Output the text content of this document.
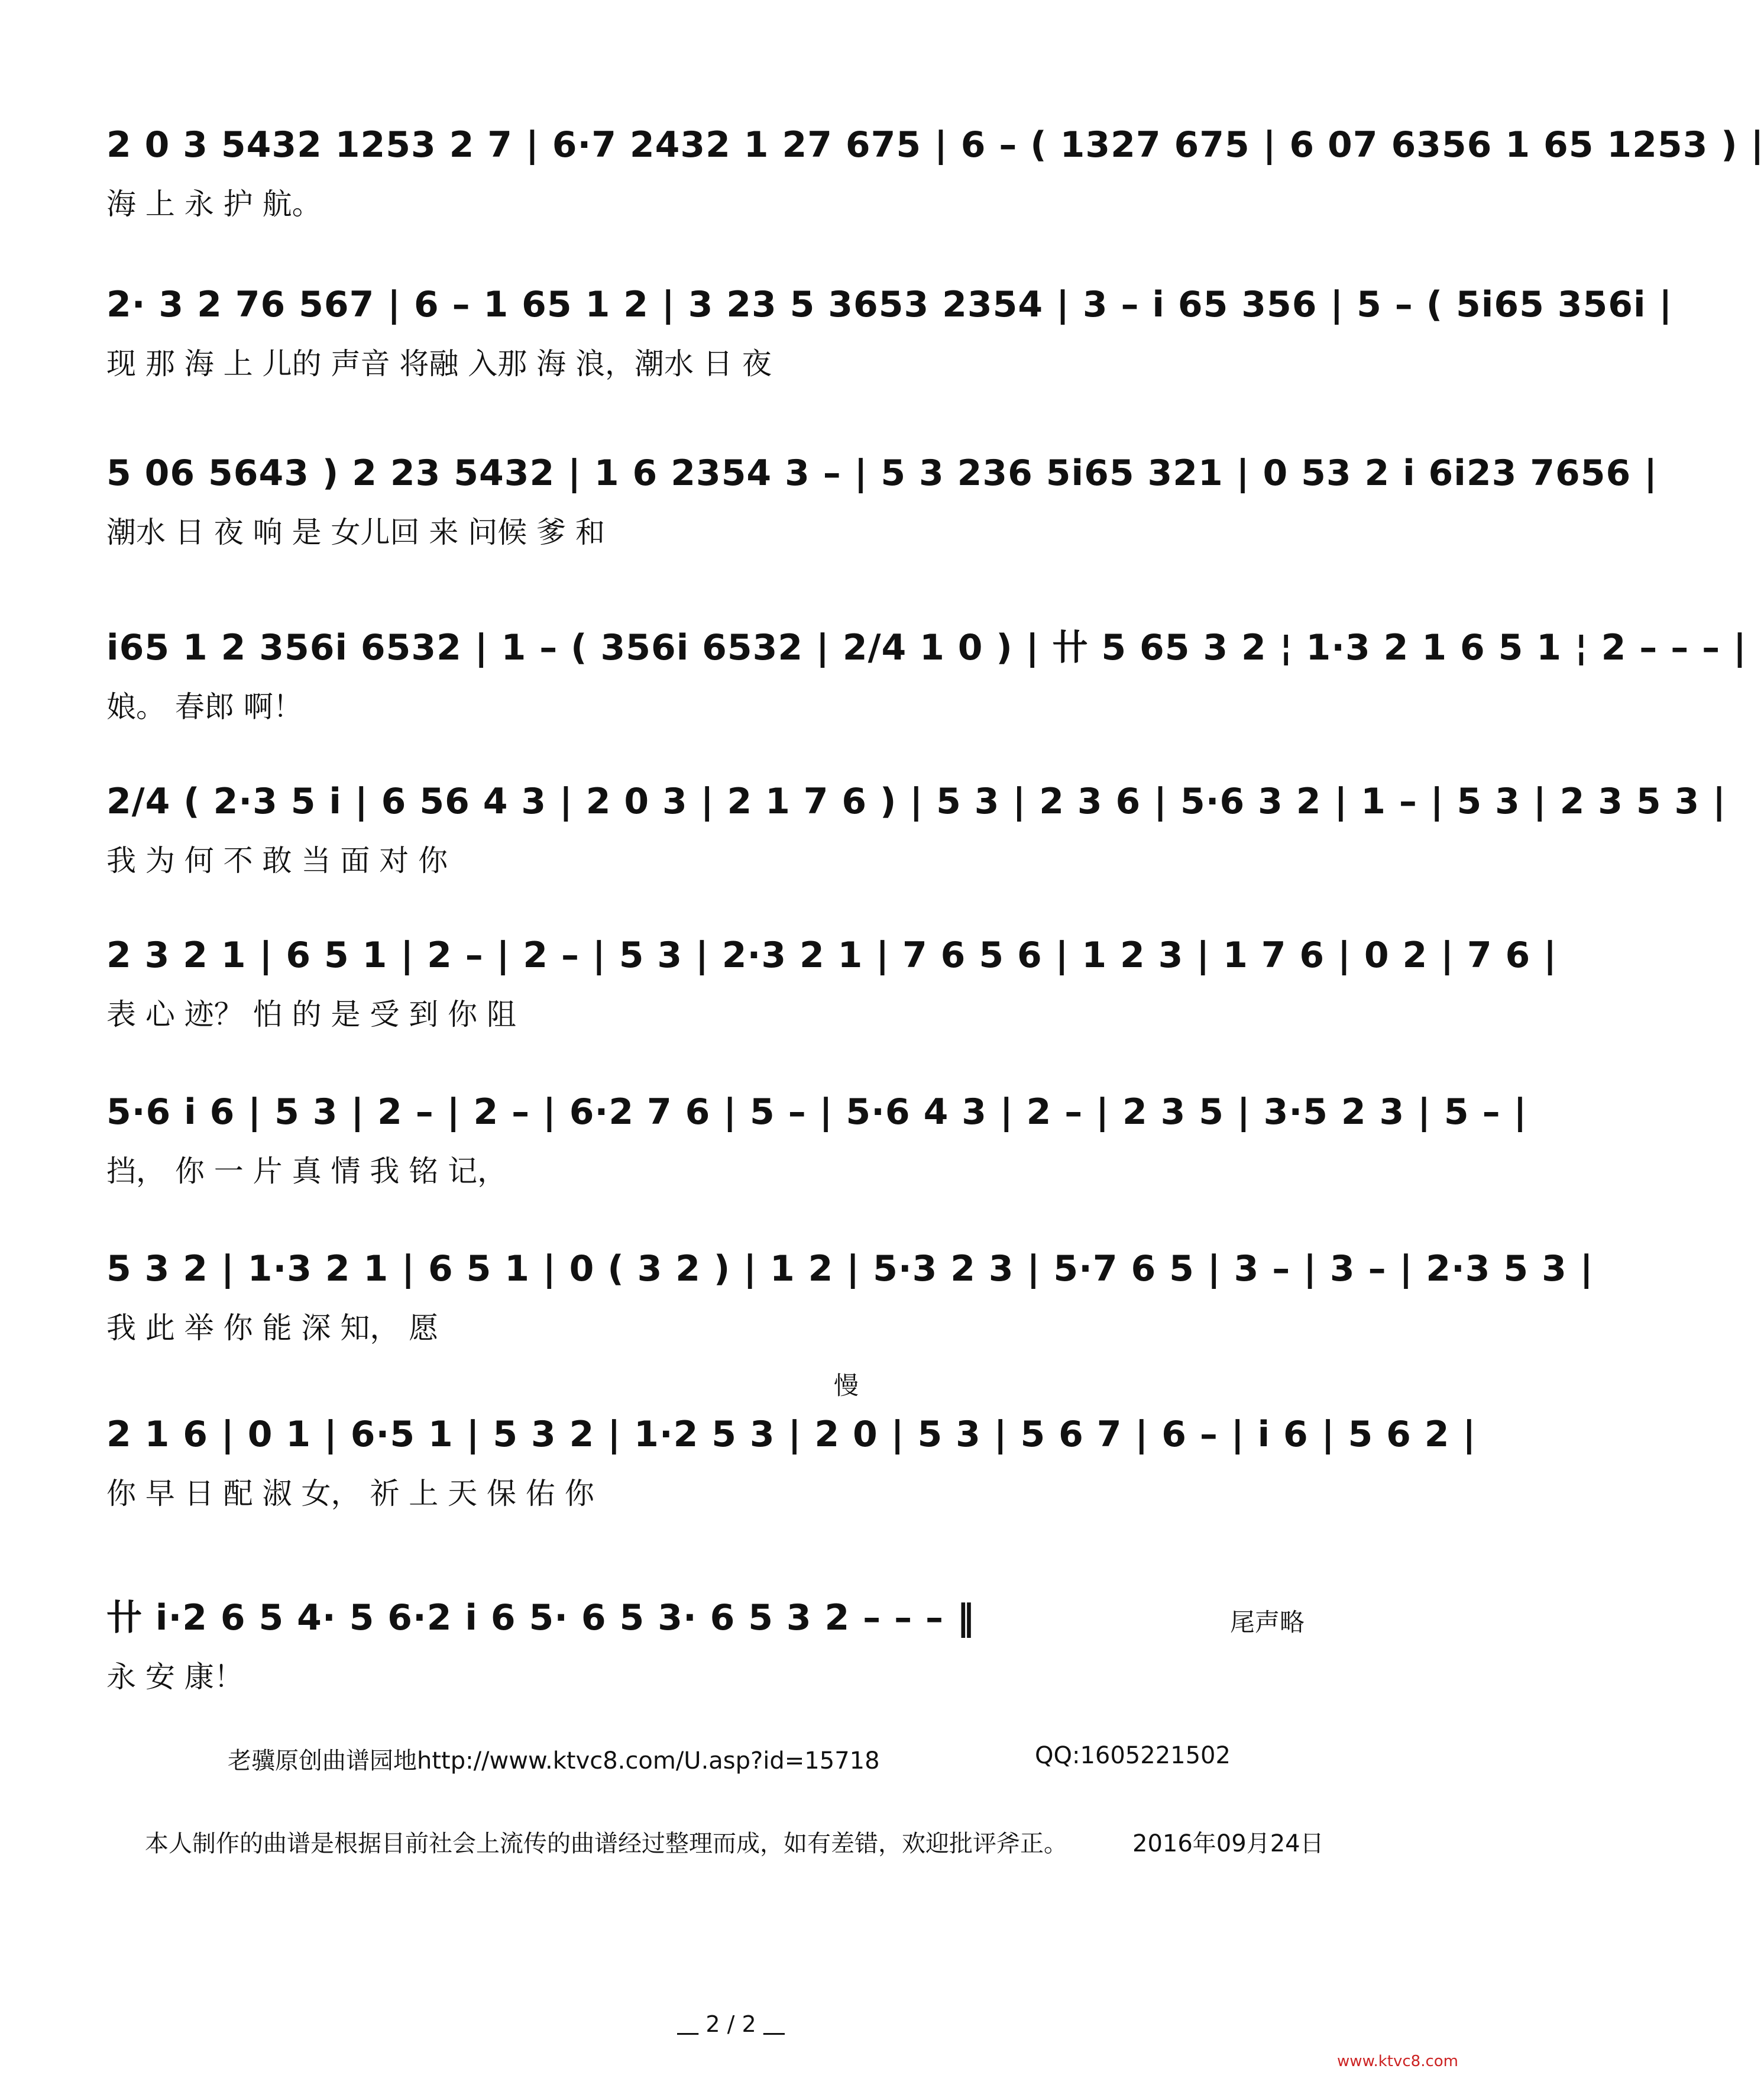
2 0 3 5432 1253 2 7 | 6·7 2432 1 27 675 | 6 – ( 1327 675 | 6 07 6356 1 65 1253 ) |
海 上 永 护 航。
2· 3 2 76 567 | 6 – 1 65 1 2 | 3 23 5 3653 2354 | 3 – i 65 356 | 5 – ( 5i65 356i |
现 那 海 上 儿的 声音 将融 入那 海 浪，潮水 日 夜
5 06 5643 ) 2 23 5432 | 1 6 2354 3 – | 5 3 236 5i65 321 | 0 53 2 i 6i23 7656 |
潮水 日 夜 响 是 女儿回 来 问候 爹 和
i65 1 2 356i 6532 | 1 – ( 356i 6532 | 2/4 1 0 ) | 卄 5 65 3 2 ¦ 1·3 2 1 6 5 1 ¦ 2 – – – |
娘。 春郎 啊！
2/4 ( 2·3 5 i | 6 56 4 3 | 2 0 3 | 2 1 7 6 ) | 5 3 | 2 3 6 | 5·6 3 2 | 1 – | 5 3 | 2 3 5 3 |
我 为 何 不 敢 当 面 对 你
2 3 2 1 | 6 5 1 | 2 – | 2 – | 5 3 | 2·3 2 1 | 7 6 5 6 | 1 2 3 | 1 7 6 | 0 2 | 7 6 |
表 心 迹？ 怕 的 是 受 到 你 阻
5·6 i 6 | 5 3 | 2 – | 2 – | 6·2 7 6 | 5 – | 5·6 4 3 | 2 – | 2 3 5 | 3·5 2 3 | 5 – |
挡， 你 一 片 真 情 我 铭 记，
5 3 2 | 1·3 2 1 | 6 5 1 | 0 ( 3 2 ) | 1 2 | 5·3 2 3 | 5·7 6 5 | 3 – | 3 – | 2·3 5 3 |
我 此 举 你 能 深 知， 愿
慢
2 1 6 | 0 1 | 6·5 1 | 5 3 2 | 1·2 5 3 | 2 0 | 5 3 | 5 6 7 | 6 – | i 6 | 5 6 2 |
你 早 日 配 淑 女， 祈 上 天 保 佑 你
卄 i·2 6 5 4· 5 6·2 i 6 5· 6 5 3· 6 5 3 2 – – – ‖
永 安 康！
尾声略
老骥原创曲谱园地http://www.ktvc8.com/U.asp?id=15718	QQ:1605221502
本人制作的曲谱是根据目前社会上流传的曲谱经过整理而成，如有差错，欢迎批评斧正。	2016年09月24日
2 / 2
www.ktvc8.com
